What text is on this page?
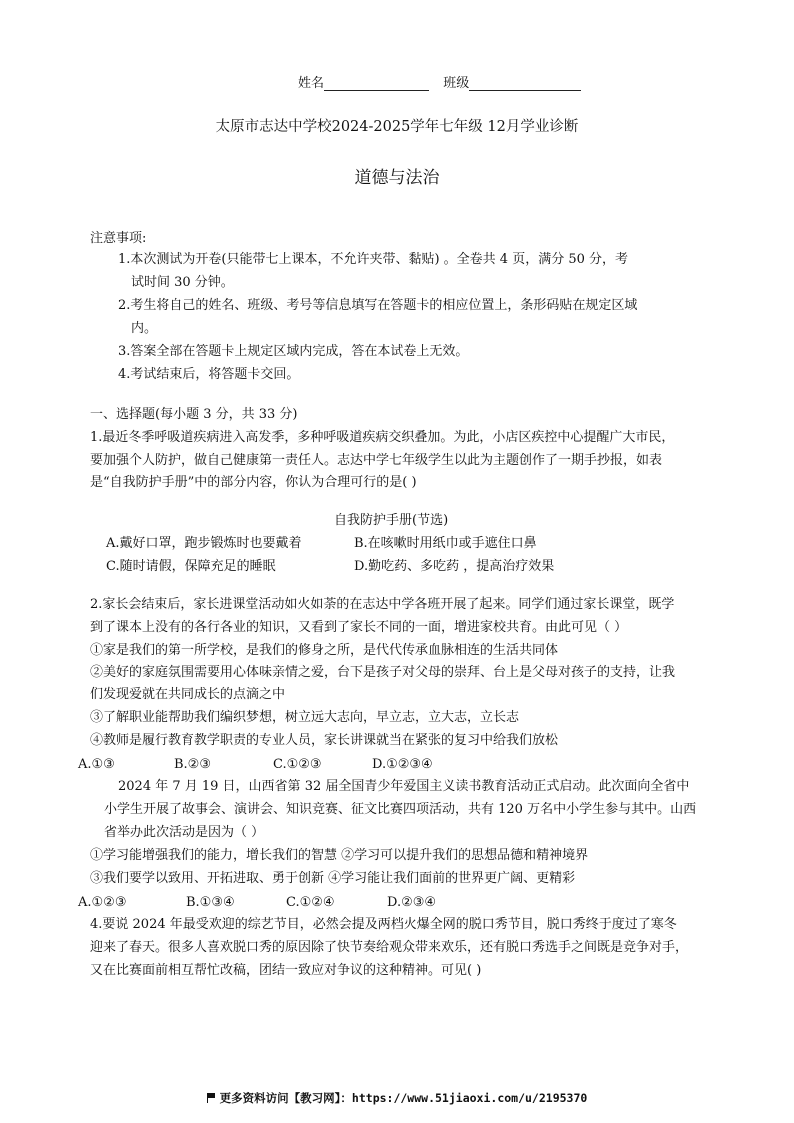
姓名	班级
太原市志达中学校2024-2025学年七年级 12月学业诊断
道德与法治
注意事项:
1.本次测试为开卷(只能带七上课本，不允许夹带、黏贴) 。全卷共 4 页，满分 50 分，考
试时间 30 分钟。
2.考生将自己的姓名、班级、考号等信息填写在答题卡的相应位置上，条形码贴在规定区域
内。
3.答案全部在答题卡上规定区域内完成，答在本试卷上无效。
4.考试结束后，将答题卡交回。
一、选择题(每小题 3 分，共 33 分)
1.最近冬季呼吸道疾病进入高发季，多种呼吸道疾病交织叠加。为此，小店区疾控中心提醒广大市民，
要加强个人防护，做自己健康第一责任人。志达中学七年级学生以此为主题创作了一期手抄报，如表
是“自我防护手册”中的部分内容，你认为合理可行的是( )
自我防护手册(节选)
A.戴好口罩，跑步锻炼时也要戴着	B.在咳嗽时用纸巾或手遮住口鼻
C.随时请假，保障充足的睡眠	D.勤吃药、多吃药 ，提高治疗效果
2.家长会结束后，家长进课堂活动如火如荼的在志达中学各班开展了起来。同学们通过家长课堂，既学
到了课本上没有的各行各业的知识，又看到了家长不同的一面，增进家校共育。由此可见（ ）
①家是我们的第一所学校，是我们的修身之所，是代代传承血脉相连的生活共同体
②美好的家庭氛围需要用心体味亲情之爱，台下是孩子对父母的崇拜、台上是父母对孩子的支持，让我
们发现爱就在共同成长的点滴之中
③了解职业能帮助我们编织梦想，树立远大志向，早立志，立大志，立长志
④教师是履行教育教学职责的专业人员，家长讲课就当在紧张的复习中给我们放松
A.①③	B.②③	C.①②③	D.①②③④
2024 年 7 月 19 日，山西省第 32 届全国青少年爱国主义读书教育活动正式启动。此次面向全省中
小学生开展了故事会、演讲会、知识竞赛、征文比赛四项活动，共有 120 万名中小学生参与其中。山西
省举办此次活动是因为（ ）
①学习能增强我们的能力，增长我们的智慧 ②学习可以提升我们的思想品德和精神境界
③我们要学以致用、开拓进取、勇于创新 ④学习能让我们面前的世界更广阔、更精彩
A.①②③	B.①③④	C.①②④	D.②③④
4.要说 2024 年最受欢迎的综艺节目，必然会提及两档火爆全网的脱口秀节目，脱口秀终于度过了寒冬
迎来了春天。很多人喜欢脱口秀的原因除了快节奏给观众带来欢乐，还有脱口秀选手之间既是竞争对手，
又在比赛面前相互帮忙改稿，团结一致应对争议的这种精神。可见( )
更多资料访问【教习网】：https://www.51jiaoxi.com/u/2195370
